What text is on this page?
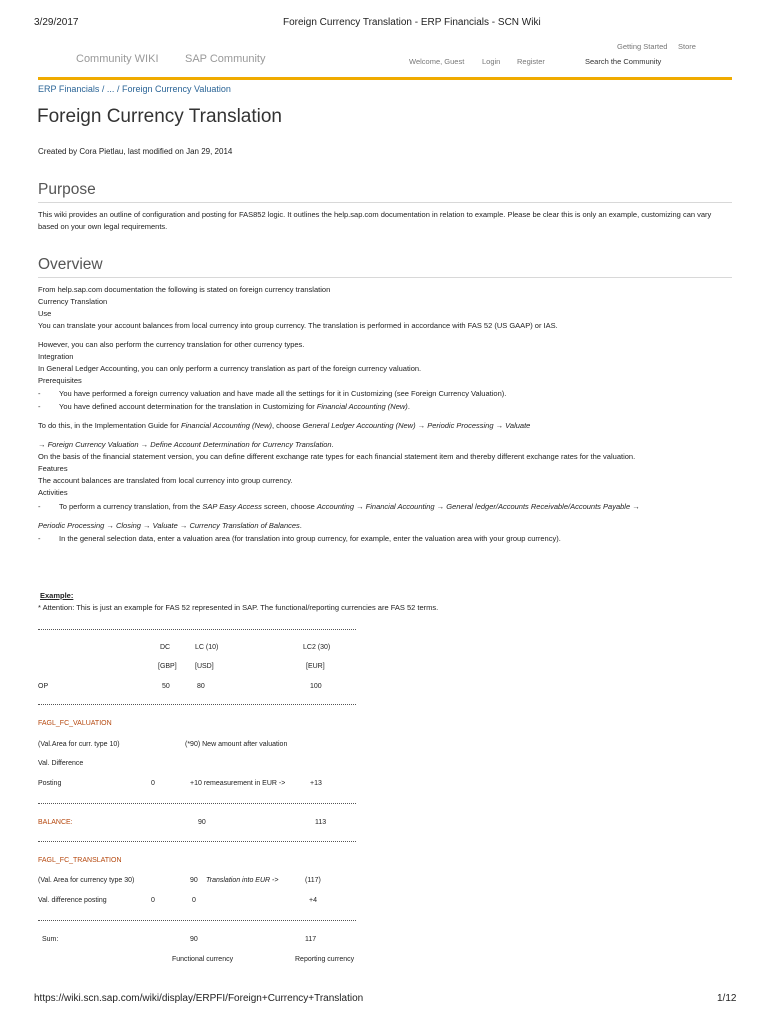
3/29/2017	Foreign Currency Translation - ERP Financials - SCN Wiki
Community WIKI SAP Community
Getting Started Store
Welcome, Guest Login Register	Search the Community
ERP Financials / ... / Foreign Currency Valuation
Foreign Currency Translation
Created by Cora Pietlau, last modified on Jan 29, 2014
Purpose
This wiki provides an outline of configuration and posting for FAS852 logic. It outlines the help.sap.com documentation in relation to example. Please be clear this is only an example, customizing can vary
based on your own legal requirements.
Overview
From help.sap.com documentation the following is stated on foreign currency translation
Currency Translation
Use
You can translate your account balances from local currency into group currency. The translation is performed in accordance with FAS 52 (US GAAP) or IAS.
However, you can also perform the currency translation for other currency types.
Integration
In General Ledger Accounting, you can only perform a currency translation as part of the foreign currency valuation.
Prerequisites
- You have performed a foreign currency valuation and have made all the settings for it in Customizing (see Foreign Currency Valuation).
- You have defined account determination for the translation in Customizing for Financial Accounting (New).
To do this, in the Implementation Guide for Financial Accounting (New), choose General Ledger Accounting (New) → Periodic Processing → Valuate
→ Foreign Currency Valuation → Define Account Determination for Currency Translation.
On the basis of the financial statement version, you can define different exchange rate types for each financial statement item and thereby different exchange rates for the valuation.
Features
The account balances are translated from local currency into group currency.
Activities
- To perform a currency translation, from the SAP Easy Access screen, choose Accounting → Financial Accounting → General ledger/Accounts Receivable/Accounts Payable →
Periodic Processing → Closing → Valuate → Currency Translation of Balances.
- In the general selection data, enter a valuation area (for translation into group currency, for example, enter the valuation area with your group currency).
Example:
* Attention: This is just an example for FAS 52 represented in SAP. The functional/reporting currencies are FAS 52 terms.
DC	LC (10)	LC2 (30)
[GBP]	[USD]	[EUR]
OP	50	80	100
FAGL_FC_VALUATION
(Val.Area for curr. type 10)	(*90) New amount after valuation
Val. Difference
Posting	0	+10 remeasurement in EUR ->	+13
BALANCE:	90	113
FAGL_FC_TRANSLATION
(Val. Area for currency type 30)	90 Translation into EUR ->	(117)
Val. difference posting	0	0	+4
Sum:	90	117
Functional currency	Reporting currency
https://wiki.scn.sap.com/wiki/display/ERPFI/Foreign+Currency+Translation	1/12
